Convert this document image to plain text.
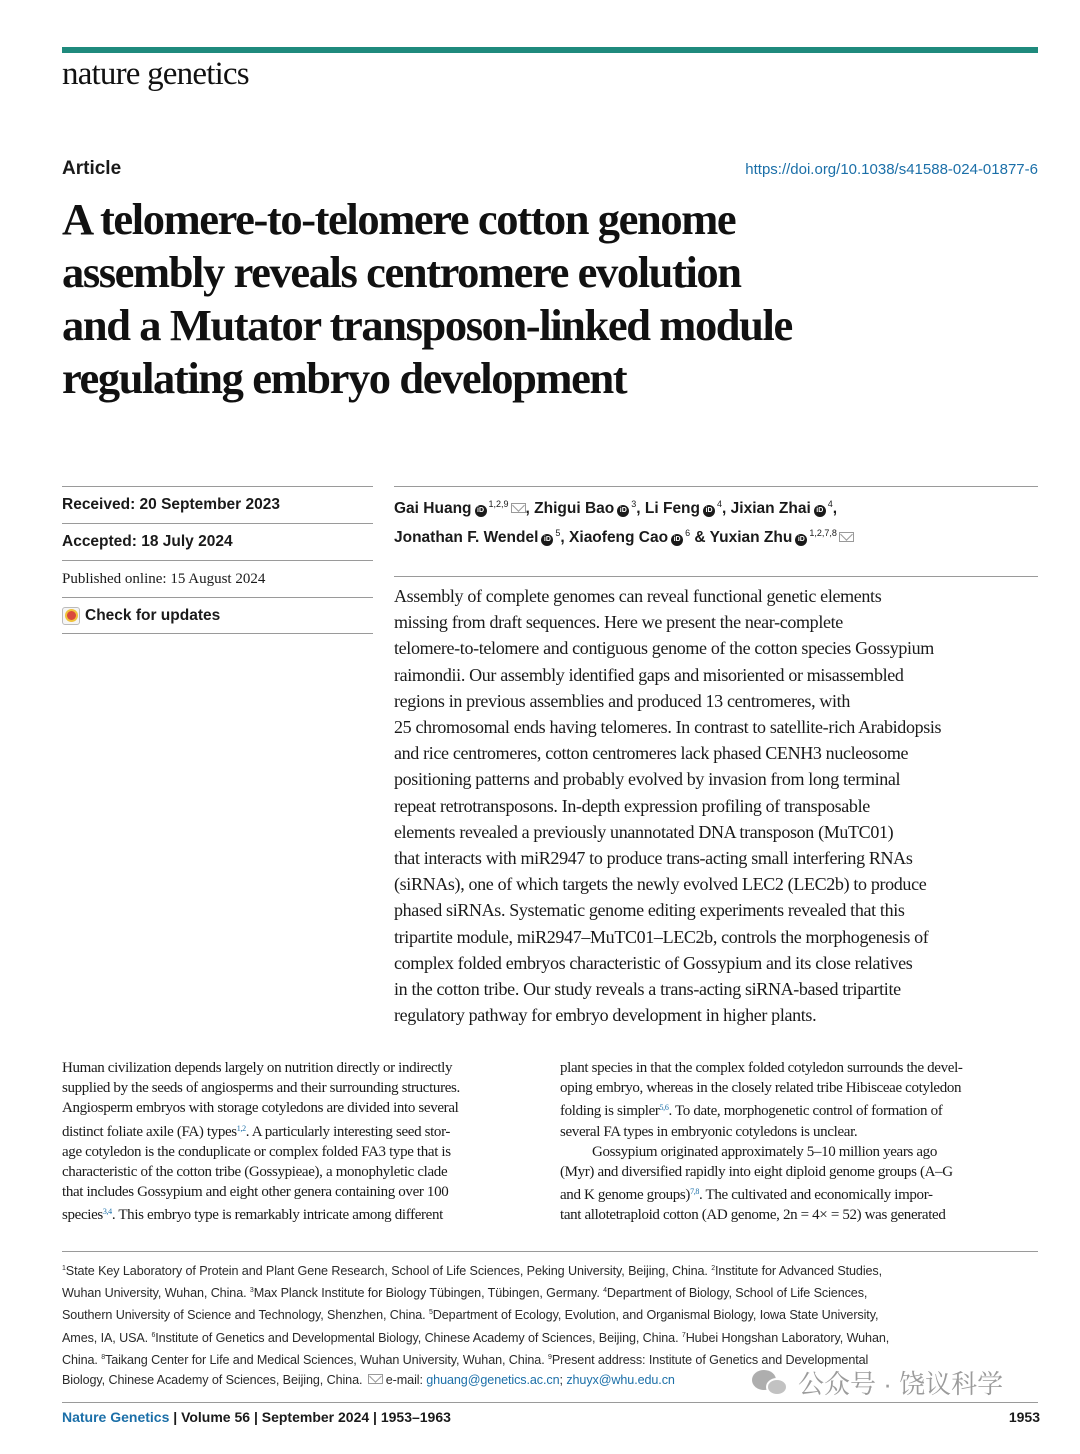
nature genetics
Article	https://doi.org/10.1038/s41588-024-01877-6
A telomere-to-telomere cotton genome
assembly reveals centromere evolution
and a Mutator transposon-linked module
regulating embryo development
Received: 20 September 2023
Accepted: 18 July 2024
Published online: 15 August 2024
Check for updates
Gai Huang iD$^{1,2,9}$ , Zhigui Bao $iD^3$, Li Feng $iD^4$, Jixian Zhai $iD^4$,
Jonathan F. Wendel $iD^5$, Xiaofeng Cao $iD^6$ & Yuxian Zhu iD$^{1,2,7,8}$
Assembly of complete genomes can reveal functional genetic elements
missing from draft sequences. Here we present the near-complete
telomere-to-telomere and contiguous genome of the cotton species Gossypium
raimondii. Our assembly identified gaps and misoriented or misassembled
regions in previous assemblies and produced 13 centromeres, with
25 chromosomal ends having telomeres. In contrast to satellite-rich Arabidopsis
and rice centromeres, cotton centromeres lack phased CENH3 nucleosome
positioning patterns and probably evolved by invasion from long terminal
repeat retrotransposons. In-depth expression profiling of transposable
elements revealed a previously unannotated DNA transposon (MuTC01)
that interacts with miR2947 to produce trans-acting small interfering RNAs
(siRNAs), one of which targets the newly evolved LEC2 (LEC2b) to produce
phased siRNAs. Systematic genome editing experiments revealed that this
tripartite module, miR2947–MuTC01–LEC2b, controls the morphogenesis of
complex folded embryos characteristic of Gossypium and its close relatives
in the cotton tribe. Our study reveals a trans-acting siRNA-based tripartite
regulatory pathway for embryo development in higher plants.
Human civilization depends largely on nutrition directly or indirectly
supplied by the seeds of angiosperms and their surrounding structures.
Angiosperm embryos with storage cotyledons are divided into several
distinct foliate axile (FA) types$^{1,2}$. A particularly interesting seed stor-
age cotyledon is the conduplicate or complex folded FA3 type that is
characteristic of the cotton tribe (Gossypieae), a monophyletic clade
that includes Gossypium and eight other genera containing over 100
species$^{3,4}$. This embryo type is remarkably intricate among different
plant species in that the complex folded cotyledon surrounds the devel-
oping embryo, whereas in the closely related tribe Hibisceae cotyledon
folding is simpler$^{5,6}$. To date, morphogenetic control of formation of
several FA types in embryonic cotyledons is unclear.
Gossypium originated approximately 5–10 million years ago
(Myr) and diversified rapidly into eight diploid genome groups (A–G
and K genome groups)$^{7,8}$. The cultivated and economically impor-
tant allotetraploid cotton (AD genome, 2n = 4× = 52) was generated
$^1$State Key Laboratory of Protein and Plant Gene Research, School of Life Sciences, Peking University, Beijing, China. $^2$Institute for Advanced Studies,
Wuhan University, Wuhan, China. $^3$Max Planck Institute for Biology Tübingen, Tübingen, Germany. $^4$Department of Biology, School of Life Sciences,
Southern University of Science and Technology, Shenzhen, China. $^5$Department of Ecology, Evolution, and Organismal Biology, Iowa State University,
Ames, IA, USA. $^6$Institute of Genetics and Developmental Biology, Chinese Academy of Sciences, Beijing, China. $^7$Hubei Hongshan Laboratory, Wuhan,
China. $^8$Taikang Center for Life and Medical Sciences, Wuhan University, Wuhan, China. $^9$Present address: Institute of Genetics and Developmental
Biology, Chinese Academy of Sciences, Beijing, China. e-mail: ghuang@genetics.ac.cn; zhuyx@whu.edu.cn	公众号 · 饶议科学
Nature Genetics | Volume 56 | September 2024 | 1953–1963	1953
